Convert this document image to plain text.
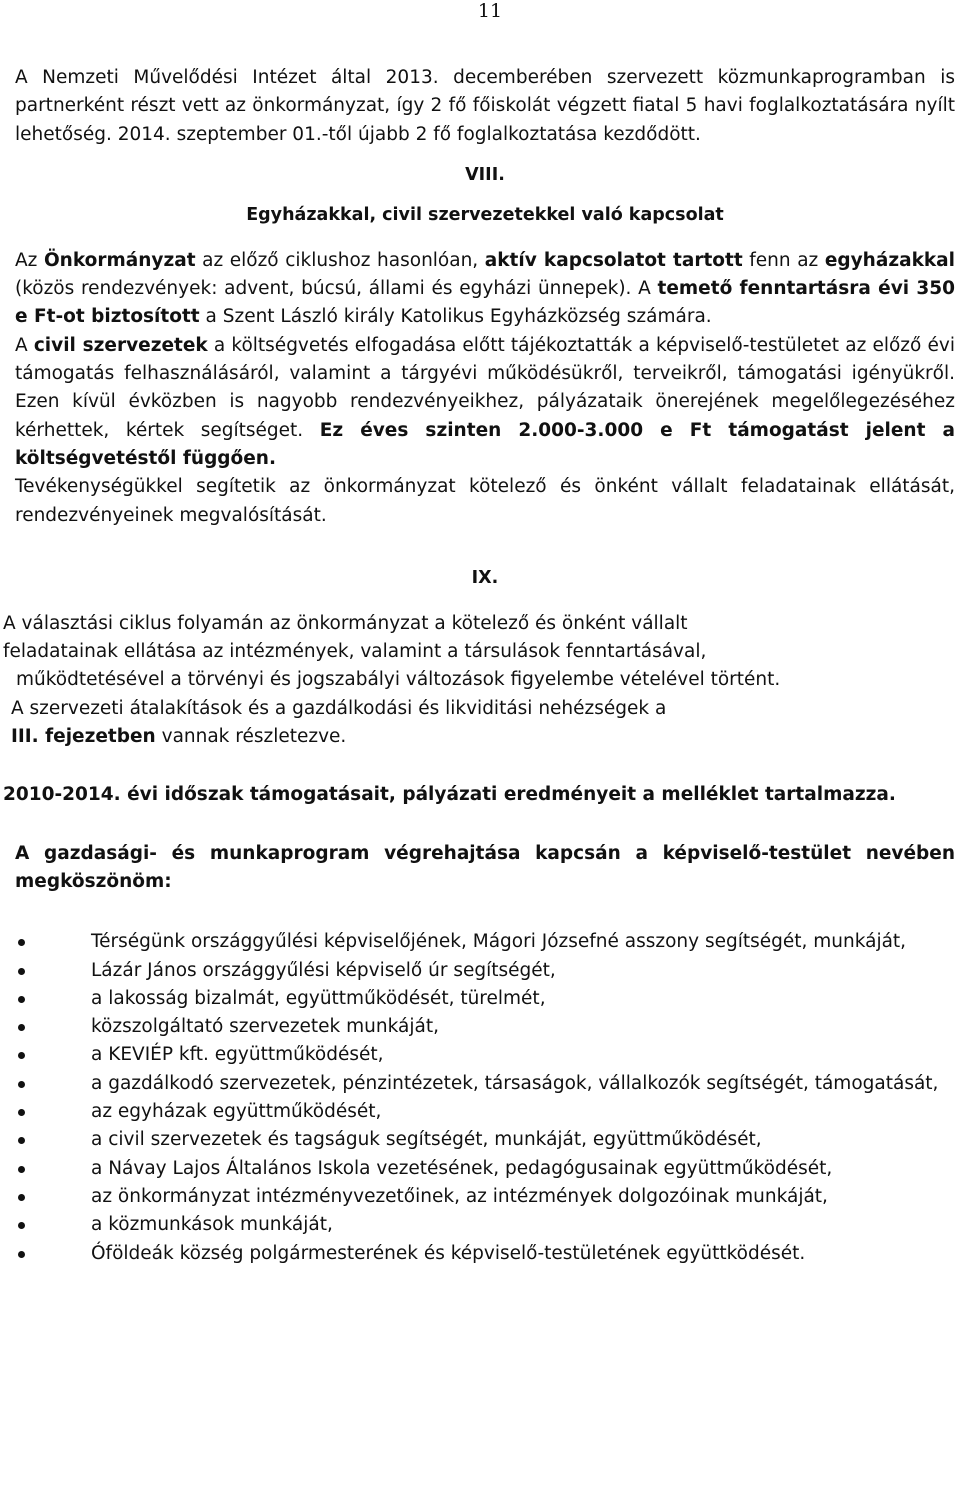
11

A Nemzeti Művelődési Intézet által 2013. decemberében szervezett közmunkaprogramban is partnerként részt vett az önkormányzat, így 2 fő főiskolát végzett fiatal 5 havi foglalkoztatására nyílt lehetőség. 2014. szeptember 01.-től újabb 2 fő foglalkoztatása kezdődött.

VIII.

Egyházakkal, civil szervezetekkel való kapcsolat

Az Önkormányzat az előző ciklushoz hasonlóan, aktív kapcsolatot tartott fenn az egyházakkal (közös rendezvények: advent, búcsú, állami és egyházi ünnepek). A temető fenntartásra évi 350 e Ft-ot biztosított a Szent László király Katolikus Egyházközség számára.

A civil szervezetek a költségvetés elfogadása előtt tájékoztatták a képviselő-testületet az előző évi támogatás felhasználásáról, valamint a tárgyévi működésükről, terveikről, támogatási igényükről. Ezen kívül évközben is nagyobb rendezvényeikhez, pályázataik önerejének megelőlegezéséhez kérhettek, kértek segítséget. Ez éves szinten 2.000-3.000 e Ft támogatást jelent a költségvetéstől függően.

Tevékenységükkel segítetik az önkormányzat kötelező és önként vállalt feladatainak ellátását, rendezvényeinek megvalósítását.

IX.

A választási ciklus folyamán az önkormányzat a kötelező és önként vállalt

feladatainak ellátása az intézmények, valamint a társulások fenntartásával,

működtetésével a törvényi és jogszabályi változások figyelembe vételével történt.

A szervezeti átalakítások és a gazdálkodási és likviditási nehézségek a

III. fejezetben vannak részletezve.

2010-2014. évi időszak támogatásait, pályázati eredményeit a melléklet tartalmazza.

A gazdasági- és munkaprogram végrehajtása kapcsán a képviselő-testület nevében megköszönöm:

Térségünk országgyűlési képviselőjének, Mágori Józsefné asszony segítségét, munkáját,
Lázár János országgyűlési képviselő úr segítségét,
a lakosság bizalmát, együttműködését, türelmét,
közszolgáltató szervezetek munkáját,
a KEVIÉP kft. együttműködését,
a gazdálkodó szervezetek, pénzintézetek, társaságok, vállalkozók segítségét, támogatását,
az egyházak együttműködését,
a civil szervezetek és tagságuk segítségét, munkáját, együttműködését,
a Návay Lajos Általános Iskola vezetésének, pedagógusainak együttműködését,
az önkormányzat intézményvezetőinek, az intézmények dolgozóinak munkáját,
a közmunkások munkáját,
Óföldeák község polgármesterének és képviselő-testületének együttködését.
